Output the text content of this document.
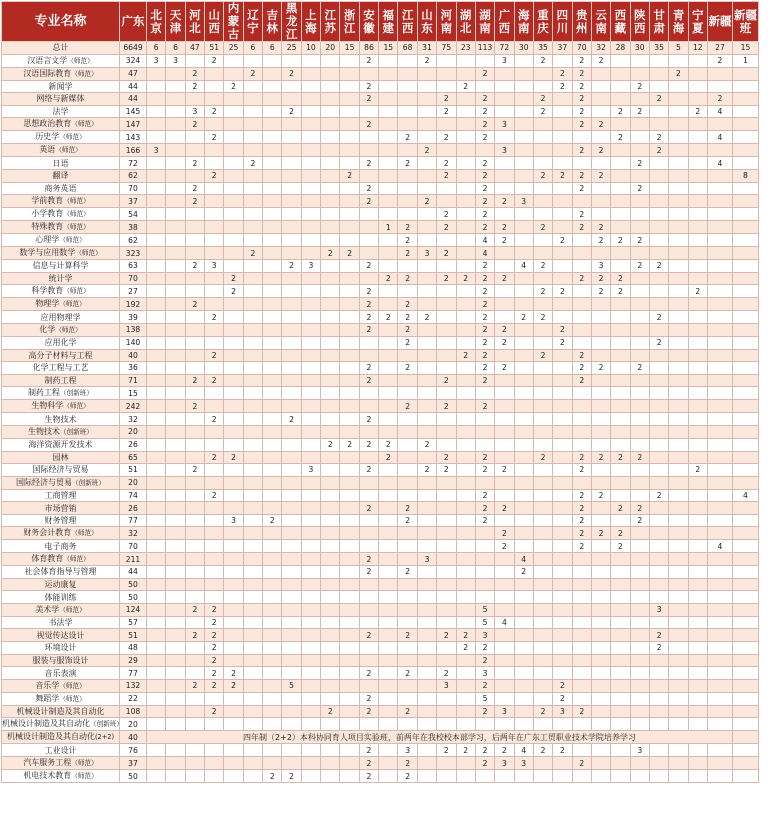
专业名称	广东	北京	天津	河北	山西	内蒙古	辽宁	吉林	黑龙江	上海	江苏	浙江	安徽	福建	江西	山东	河南	湖北	湖南	广西	海南	重庆	四川	贵州	云南	西藏	陕西	甘肃	青海	宁夏	新疆	新疆班	总计
总计	6649	6	6	47	51	25	6	6	25	10	20	15	86	15	68	31	75	23	113	72	30	35	37	70	32	28	30	35	5	12	27	15	
汉语言文学（师范）	324	3	3		2								2			2				3		2		2	2						2	1	
汉语国际教育（师范）	47			2			2		2										2				2	2					2				
新闻学	44			2		2							2					2					2	2			2						
网络与新媒体	44												2				2		2			2		2				2			2		
法学	145			3	2				2								2		2			2		2		2	2			2	4		
思想政治教育（师范）	147			2									2						2	3				2	2								
历史学（师范）	143				2										2		2		2							2		2			4		
英语（师范）	166	3														2				3				2	2			2					
日语	72			2			2						2		2		2		2								2				4		
翻译	62				2							2					2		2			2	2	2	2							8	
商务英语	70			2									2						2					2			2						
学前教育（师范）	37			2									2			2			2	2	3												
小学教育（师范）	54																2		2					2									
特殊教育（师范）	38													1	2		2		2	2		2		2	2								
心理学（师范）	62														2				4	2			2		2	2	2						
数学与应用数学（师范）	323						2				2	2			2	3	2		4														
信息与计算科学	63			2	3				2	3			2						2		4	2			3		2	2					
统计学	70					2								2	2		2	2	2	2				2	2	2							
科学教育（师范）	27					2							2						2			2	2		2	2				2			
物理学（师范）	192			2									2		2				2														
应用物理学	39				2								2	2	2	2			2		2	2						2					
化学（师范）	138												2		2				2	2			2										
应用化学	140														2				2	2			2					2					
高分子材料与工程	40				2													2	2			2		2									
化学工程与工艺	36												2		2				2	2				2	2		2						
制药工程	71			2	2								2				2		2					2									
制药工程（创新班）	15																																
生物科学（师范）	242			2											2		2		2														
生物技术	32				2				2				2																				
生物技术（创新班）	20																																
海洋资源开发技术	26										2	2	2	2		2																	
园林	65				2	2								2			2		2			2		2	2	2	2						
国际经济与贸易	51			2						3			2			2	2		2	2				2						2			
国际经济与贸易（创新班）	20																																
工商管理	74				2														2					2	2			2				4	
市场营销	26												2		2				2	2				2		2	2						
财务管理	77					3		2							2				2					2			2						
财务会计教育（师范）	32																			2				2	2	2							
电子商务	70																			2				2		2					4		
体育教育（师范）	211												2			3					4												
社会体育指导与管理	44												2		2						2												
运动康复	50																																
体能训练	50																																
美术学（师范）	124			2	2														5									3					
书法学	57				2														5	4													
视觉传达设计	51			2	2								2		2		2	2	3									2					
环境设计	48				2													2	2									2					
服装与服饰设计	29				2														2														
音乐表演	77				2	2							2		2		2		3														
音乐学（师范）	132			2	2	2			5								3		2				2										
舞蹈学（师范）	22												2						5				2										
机械设计制造及其自动化	108				2						2		2		2				2	3		2	3	2									
机械设计制造及其自动化（创新班）	20																																
机械设计制造及其自动化(2+2)	40	四年制（2+2）本科协同育人项目实验班，前两年在我校校本部学习，后两年在广东工贸职业技术学院培养学习		
工业设计	76												2		3		2	2	2	2	4	2	2				3						
汽车服务工程（师范）	37												2		2				2	3	3			2									
机电技术教育（师范）	50							2	2				2		2																		
